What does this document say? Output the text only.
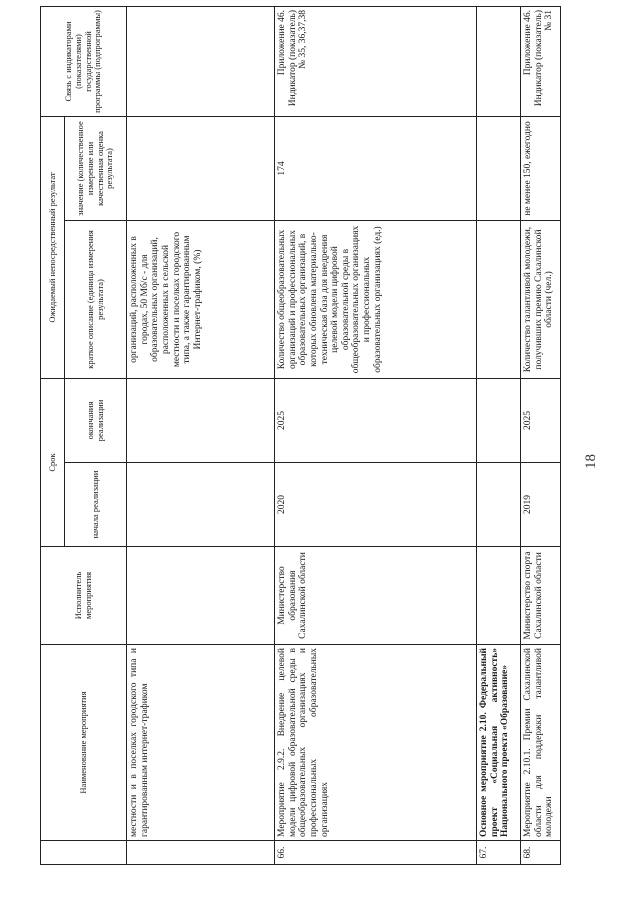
18
	Наименование мероприятия	Исполнитель мероприятия	Срок		Ожидаемый непосредственный результат		Связь с индикаторами (показателями) государственной программы (подпрограммы)
			начала реализации	окончания реализации	краткое описание (единица измерения результата)	значение (количественное измерение или качественная оценка результата)	
	местности и в поселках городского типа и гарантированным интернет-трафиком				организаций, расположенных в городах, 50 Мб/с - для образовательных организаций, расположенных в сельской местности и поселках городского типа, а также гарантированным Интернет-трафиком, (%)		
66.	Мероприятие 2.9.2. Внедрение целевой модели цифровой образовательной среды в общеобразовательных организациях и профессиональных образовательных организациях	Министерство образования Сахалинской области	2020	2025	Количество общеобразовательных организаций и профессиональных образовательных организаций, в которых обновлена материально-техническая база для внедрения целевой модели цифровой образовательной среды в общеобразовательных организациях и профессиональных образовательных организациях (ед.)	174	Приложение 46. Индикатор (показатель) № 35, 36,37,38
67.	Основное мероприятие 2.10. Федеральный проект «Социальная активность» Национального проекта «Образование»						
68.	Мероприятие 2.10.1. Премии Сахалинской области для поддержки талантливой молодежи	Министерство спорта Сахалинской области	2019	2025	Количество талантливой молодежи, получивших премию Сахалинской области (чел.)	не менее 150, ежегодно	Приложение 46. Индикатор (показатель) № 31
